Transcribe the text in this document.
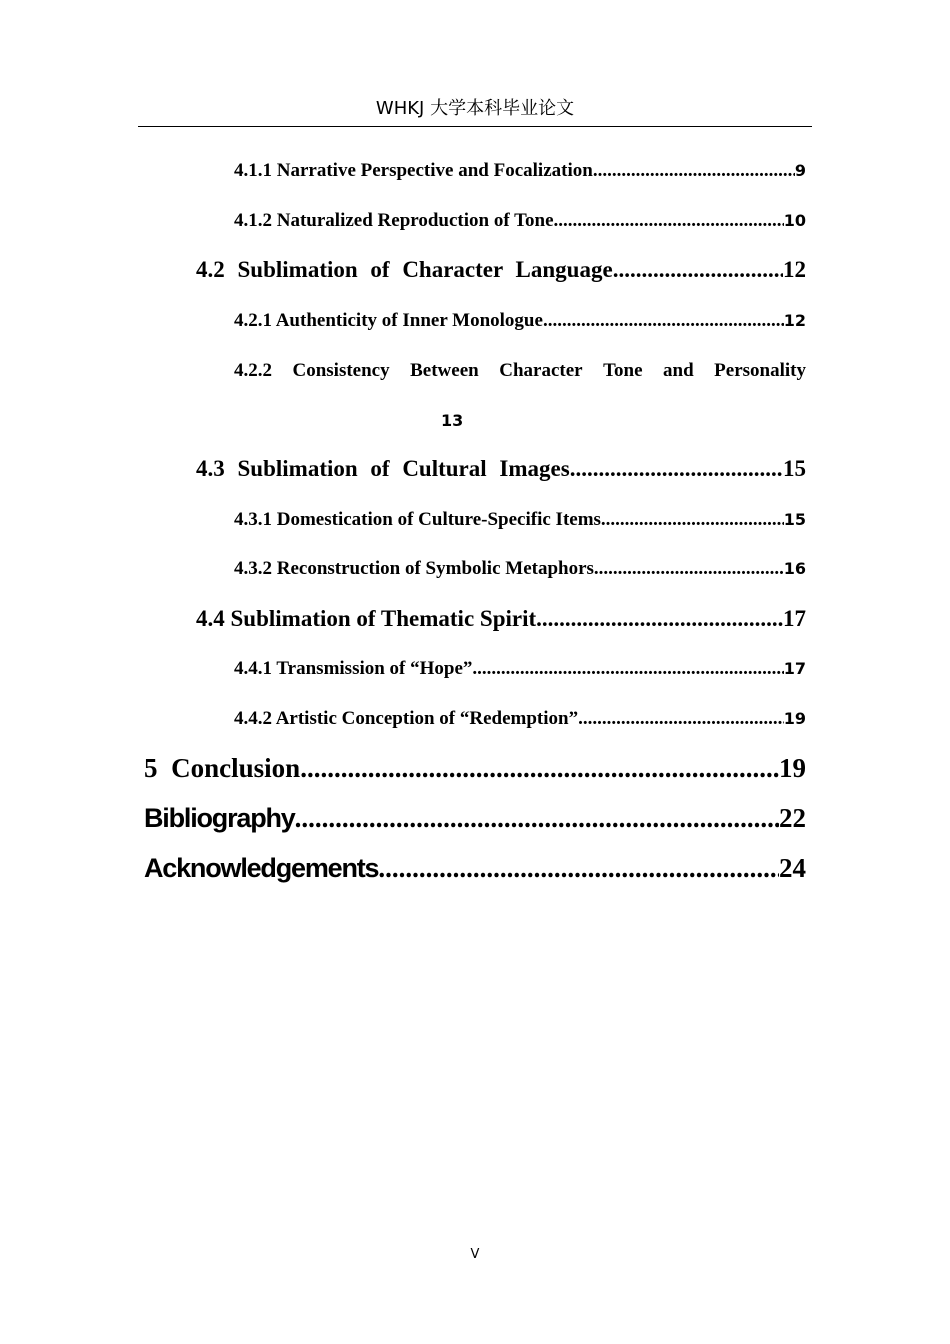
WHKJ 大学本科毕业论文
4.1.1 Narrative Perspective and Focalization .....	9
4.1.2 Naturalized Reproduction of Tone .....	10
4.2 Sublimation of Character Language .....	12
4.2.1 Authenticity of Inner Monologue .....	12
4.2.2 Consistency Between Character Tone and Personality
13
4.3 Sublimation of Cultural Images .....	15
4.3.1 Domestication of Culture-Specific Items .....	15
4.3.2 Reconstruction of Symbolic Metaphors .....	16
4.4 Sublimation of Thematic Spirit .....	17
4.4.1 Transmission of “Hope” .....	17
4.4.2 Artistic Conception of “Redemption” .....	19
5 Conclusion .....	19
Bibliography .....	22
Acknowledgements .....	24
V
